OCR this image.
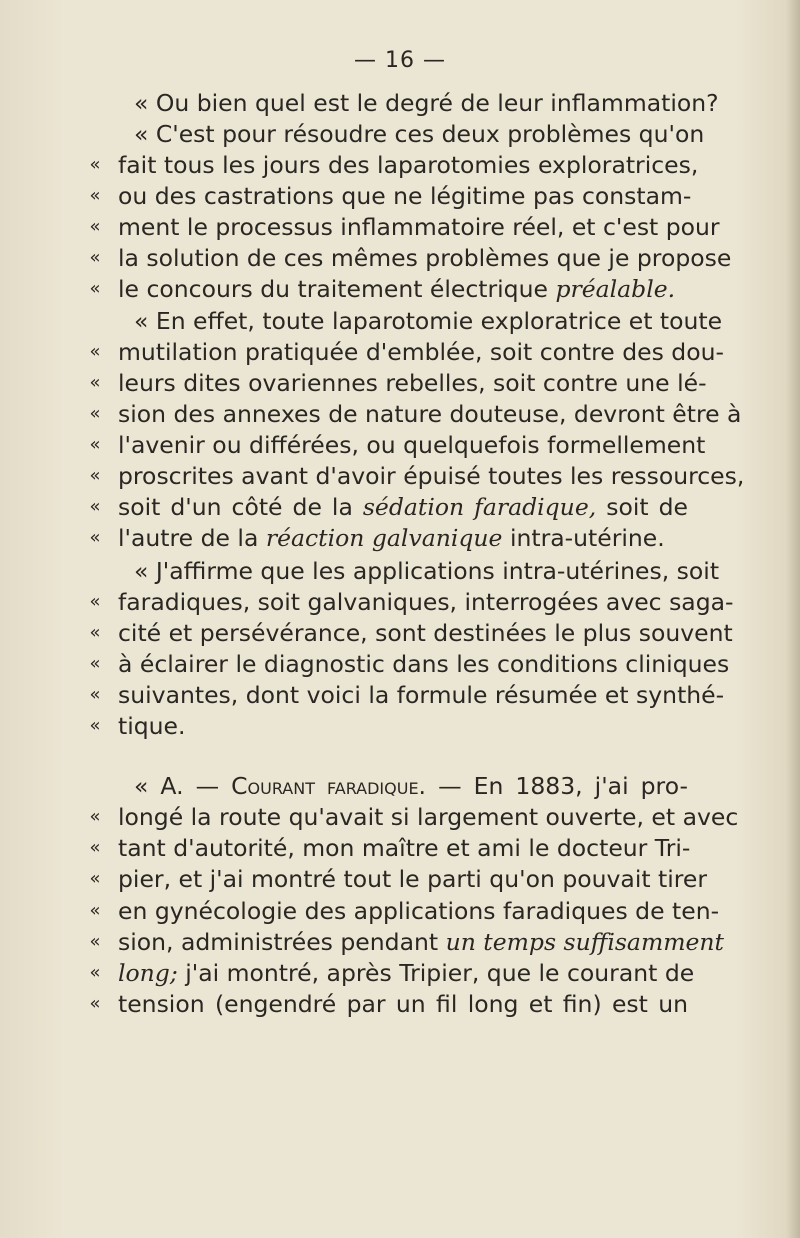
— 16 —
« Ou bien quel est le degré de leur inflammation?
« C'est pour résoudre ces deux problèmes qu'on
« fait tous les jours des laparotomies exploratrices,
« ou des castrations que ne légitime pas constam-
« ment le processus inflammatoire réel, et c'est pour
« la solution de ces mêmes problèmes que je propose
« le concours du traitement électrique préalable.
« En effet, toute laparotomie exploratrice et toute
« mutilation pratiquée d'emblée, soit contre des dou-
« leurs dites ovariennes rebelles, soit contre une lé-
« sion des annexes de nature douteuse, devront être à
« l'avenir ou différées, ou quelquefois formellement
« proscrites avant d'avoir épuisé toutes les ressources,
« soit d'un côté de la sédation faradique, soit de
« l'autre de la réaction galvanique intra-utérine.
« J'affirme que les applications intra-utérines, soit
« faradiques, soit galvaniques, interrogées avec saga-
« cité et persévérance, sont destinées le plus souvent
« à éclairer le diagnostic dans les conditions cliniques
« suivantes, dont voici la formule résumée et synthé-
« tique.
« A. — Courant faradique. — En 1883, j'ai pro-
« longé la route qu'avait si largement ouverte, et avec
« tant d'autorité, mon maître et ami le docteur Tri-
« pier, et j'ai montré tout le parti qu'on pouvait tirer
« en gynécologie des applications faradiques de ten-
« sion, administrées pendant un temps suffisamment
« long; j'ai montré, après Tripier, que le courant de
« tension (engendré par un fil long et fin) est un
